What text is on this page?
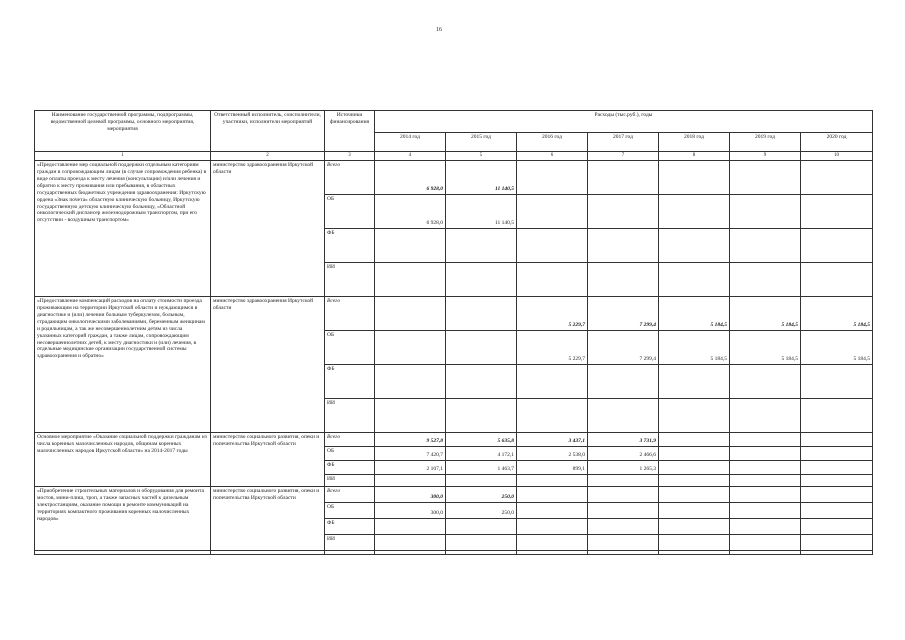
16
Наименование государственной программы, подпрограммы, ведомственной целевой программы, основного мероприятия, мероприятия	Ответственный исполнитель, соисполнители, участники, исполнители мероприятий	Источники финансирования	Расходы (тыс.руб.), годы						
			2014 год	2015 год	2016 год	2017 год	2018 год	2019 год	2020 год
1	2	3	4	5	6	7	8	9	10
«Предоставление мер социальной поддержки отдельным категориям граждан в сопровождающим лицам (в случае сопровождения ребенка) в виде оплаты проезда к месту лечения (консультации) и/или лечения и обратно к месту проживания или пребывания, в областных государственных бюджетных учреждения здравоохранения: Иркутскую ордена «Знак почета» областную клиническую больницу, Иркутскую государственную детскую клиническую больницу, «Областной онкологический диспансер железнодорожным транспортом, при его отсутствии - воздушным транспортом»	министерство здравоохранения Иркутской области	Всего	6 928,0	11 140,5					
		ОБ	6 928,0	11 140,5					
		ФБ							
		ИИ							
«Предоставление компенсаций расходов на оплату стоимости проезда проживающим на территории Иркутской области и нуждающимся в диагностике и (или) лечении больным туберкулезом, больным, страдающим онкологическими заболеваниями, беременным женщинам и родильницам, а так же несовершеннолетним детям из числа указанных категорий граждан, а также лицам, сопровождающим несовершеннолетних детей, к месту диагностики и (или) лечения, в отдельные медицинские организации государственной системы здравоохранения и обратно»	министерство здравоохранения Иркутской области	Всего			5 229,7	7 299,4	5 184,5	5 184,5	5 184,5
		ОБ			5 229,7	7 299,4	5 184,5	5 184,5	5 184,5
		ФБ							
		ИИ							
Основное мероприятие «Оказание социальной поддержки гражданам из числа коренных малочисленных народов, общинам коренных малочисленных народов Иркутской области» на 2014-2017 годы	министерство социального развития, опеки и попечительства Иркутской области	Всего	9 527,8	5 635,8	3 437,1	3 731,9			
		ОБ	7 420,7	4 172,1	2 538,0	2 466,6			
		ФБ	2 107,1	1 463,7	899,1	1 265,3			
		ИИ							
«Приобретение строительных материалов и оборудования для ремонта мостов, мини-плиш, троп, а также запасных частей к дизельным электростанциям, оказание помощи в ремонте коммуникаций на территориях компактного проживания коренных малочисленных народов»	министерство социального развития, опеки и попечительства Иркутской области	Всего	300,0	250,0					
		ОБ	300,0	250,0					
		ФБ							
		ИИ							
